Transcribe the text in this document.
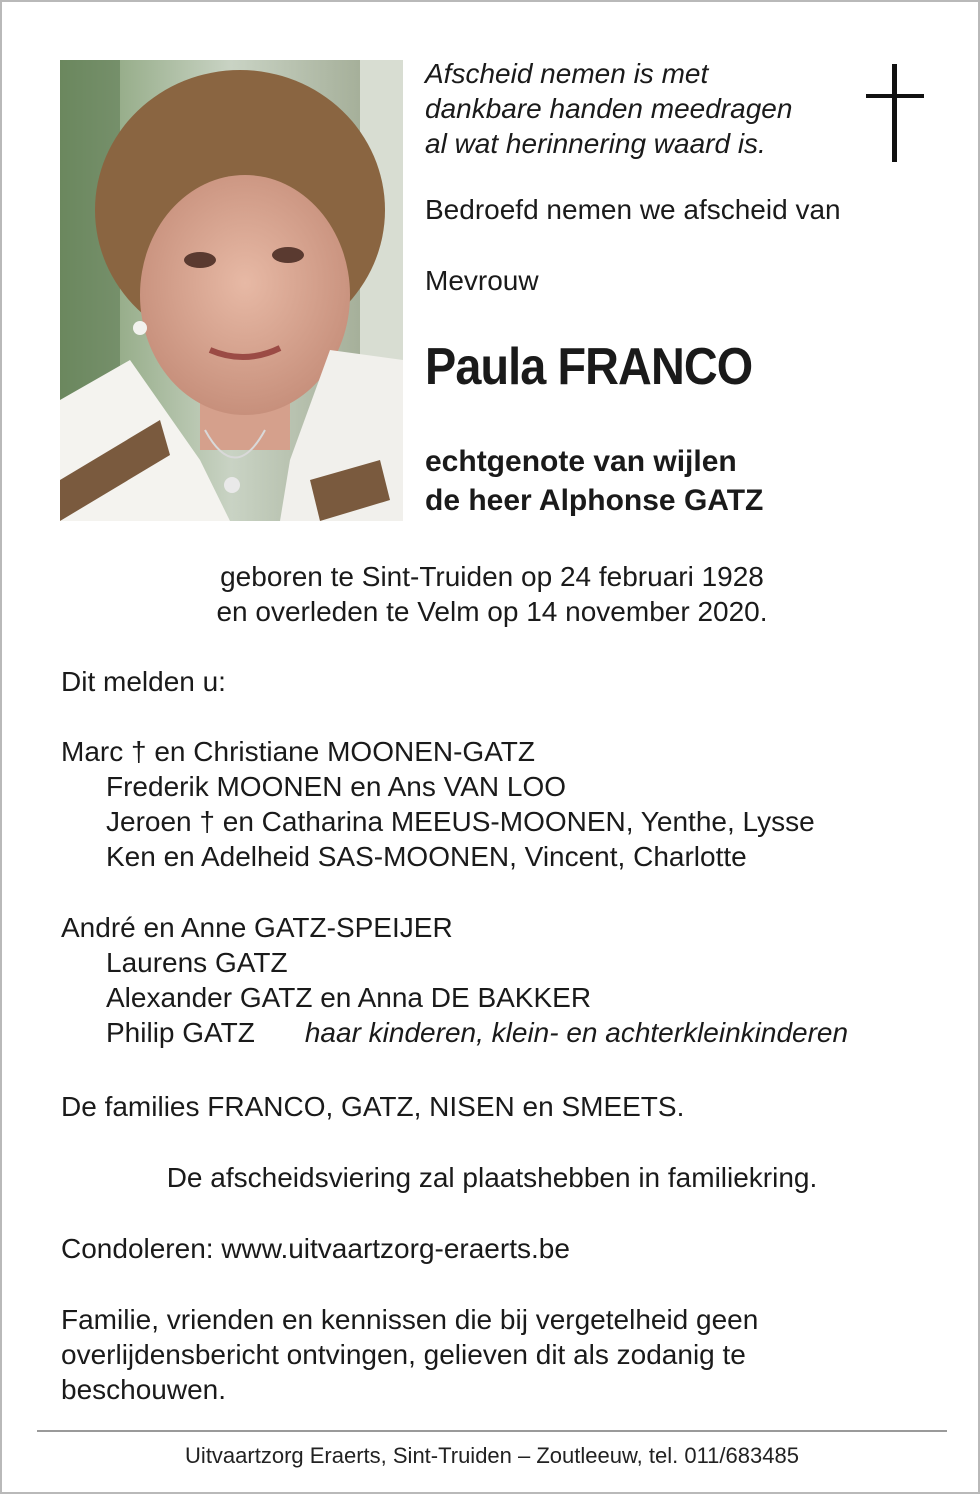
Afscheid nemen is met
dankbare handen meedragen
al wat herinnering waard is.
Bedroefd nemen we afscheid van
Mevrouw
Paula FRANCO
echtgenote van wijlen
de heer Alphonse GATZ
geboren te Sint-Truiden op 24 februari 1928
en overleden te Velm op 14 november 2020.
Dit melden u:
Marc † en Christiane MOONEN-GATZ
Frederik MOONEN en Ans VAN LOO
Jeroen † en Catharina MEEUS-MOONEN, Yenthe, Lysse
Ken en Adelheid SAS-MOONEN, Vincent, Charlotte
André en Anne GATZ-SPEIJER
Laurens GATZ
Alexander GATZ en Anna DE BAKKER
Philip GATZ haar kinderen, klein- en achterkleinkinderen
De families FRANCO, GATZ, NISEN en SMEETS.
De afscheidsviering zal plaatshebben in familiekring.
Condoleren: www.uitvaartzorg-eraerts.be
Familie, vrienden en kennissen die bij vergetelheid geen
overlijdensbericht ontvingen, gelieven dit als zodanig te
beschouwen.
Uitvaartzorg Eraerts, Sint-Truiden – Zoutleeuw, tel. 011/683485
